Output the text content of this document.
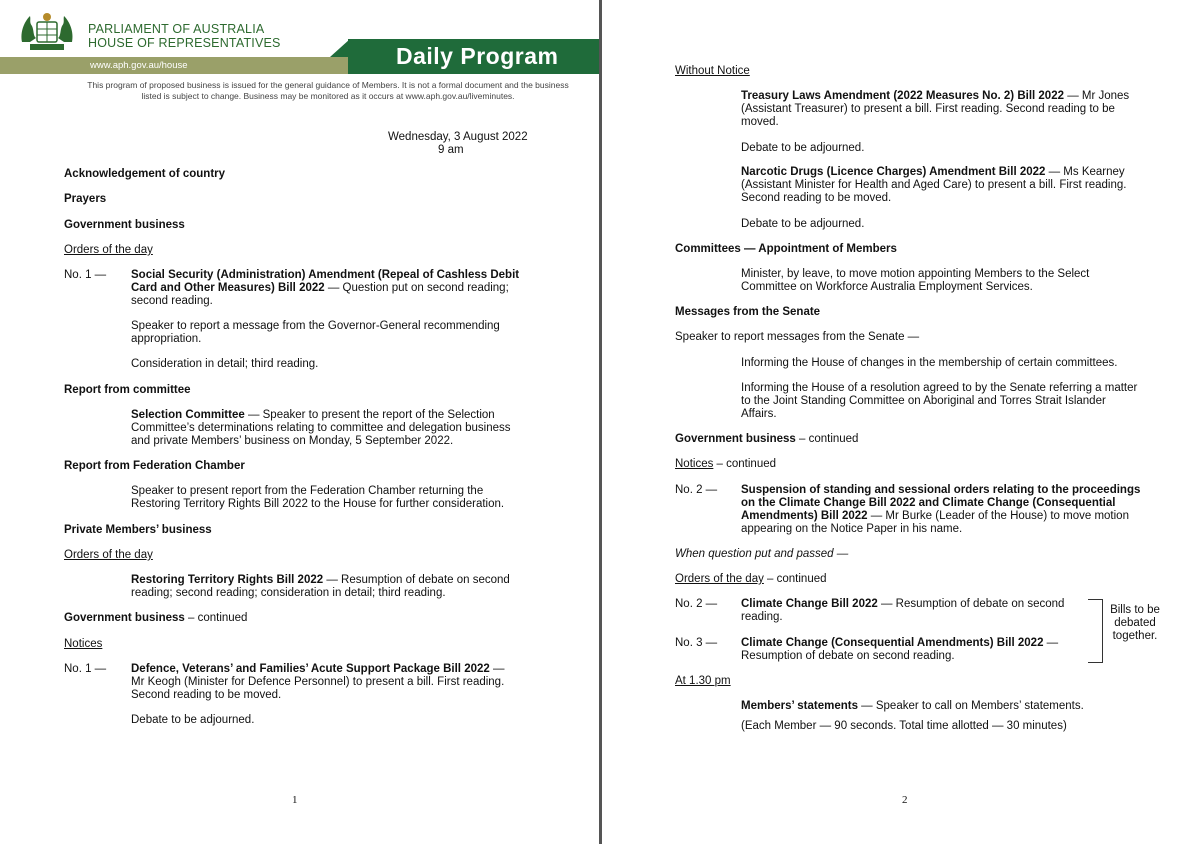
PARLIAMENT OF AUSTRALIA
HOUSE OF REPRESENTATIVES	Daily Program
www.aph.gov.au/house
This program of proposed business is issued for the general guidance of Members. It is not a formal document and the business listed is subject to change. Business may be monitored as it occurs at www.aph.gov.au/liveminutes.
Wednesday, 3 August 2022
9 am
Acknowledgement of country
Prayers
Government business
Orders of the day
No. 1 — Social Security (Administration) Amendment (Repeal of Cashless Debit Card and Other Measures) Bill 2022 — Question put on second reading; second reading.
Speaker to report a message from the Governor-General recommending appropriation.
Consideration in detail; third reading.
Report from committee
Selection Committee — Speaker to present the report of the Selection Committee’s determinations relating to committee and delegation business and private Members’ business on Monday, 5 September 2022.
Report from Federation Chamber
Speaker to present report from the Federation Chamber returning the Restoring Territory Rights Bill 2022 to the House for further consideration.
Private Members’ business
Orders of the day
Restoring Territory Rights Bill 2022 — Resumption of debate on second reading; second reading; consideration in detail; third reading.
Government business – continued
Notices
No. 1 — Defence, Veterans’ and Families’ Acute Support Package Bill 2022 — Mr Keogh (Minister for Defence Personnel) to present a bill. First reading. Second reading to be moved.
Debate to be adjourned.
1
Without Notice
Treasury Laws Amendment (2022 Measures No. 2) Bill 2022 — Mr Jones (Assistant Treasurer) to present a bill. First reading. Second reading to be moved.
Debate to be adjourned.
Narcotic Drugs (Licence Charges) Amendment Bill 2022 — Ms Kearney (Assistant Minister for Health and Aged Care) to present a bill. First reading. Second reading to be moved.
Debate to be adjourned.
Committees — Appointment of Members
Minister, by leave, to move motion appointing Members to the Select Committee on Workforce Australia Employment Services.
Messages from the Senate
Speaker to report messages from the Senate —
Informing the House of changes in the membership of certain committees.
Informing the House of a resolution agreed to by the Senate referring a matter to the Joint Standing Committee on Aboriginal and Torres Strait Islander Affairs.
Government business – continued
Notices – continued
No. 2 — Suspension of standing and sessional orders relating to the proceedings on the Climate Change Bill 2022 and Climate Change (Consequential Amendments) Bill 2022 — Mr Burke (Leader of the House) to move motion appearing on the Notice Paper in his name.
When question put and passed —
Orders of the day – continued
No. 2 — Climate Change Bill 2022 — Resumption of debate on second reading.
No. 3 — Climate Change (Consequential Amendments) Bill 2022 — Resumption of debate on second reading.
Bills to be debated together.
At 1.30 pm
Members’ statements — Speaker to call on Members’ statements.
(Each Member — 90 seconds. Total time allotted — 30 minutes)
2
